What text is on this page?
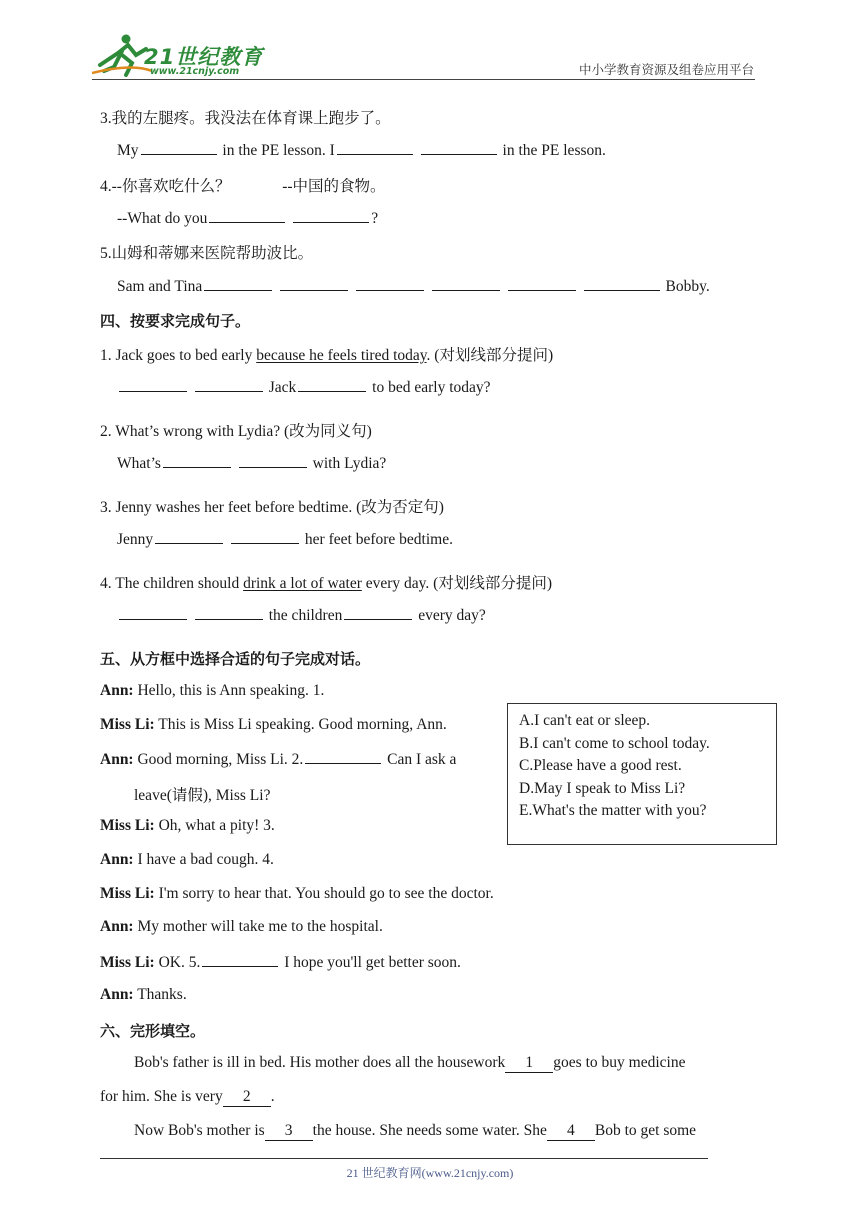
21世纪教育
www.21cnjy.com	中小学教育资源及组卷应用平台
3.我的左腿疼。我没法在体育课上跑步了。
My	in the PE lesson. I	in the PE lesson.
4.--你喜欢吃什么？	--中国的食物。
--What do you	?
5.山姆和蒂娜来医院帮助波比。
Sam and Tina	Bobby.
四、按要求完成句子。
1. Jack goes to bed early because he feels tired today. (对划线部分提问)
Jack	to bed early today?
2. What’s wrong with Lydia? (改为同义句)
What’s	with Lydia?
3. Jenny washes her feet before bedtime. (改为否定句)
Jenny	her feet before bedtime.
4. The children should drink a lot of water every day. (对划线部分提问)
the children	every day?
五、从方框中选择合适的句子完成对话。
Ann: Hello, this is Ann speaking. 1.
Miss Li: This is Miss Li speaking. Good morning, Ann.
Ann: Good morning, Miss Li. 2.	Can I ask a
leave(请假), Miss Li?
Miss Li: Oh, what a pity! 3.
Ann: I have a bad cough. 4.
Miss Li: I'm sorry to hear that. You should go to see the doctor.
Ann: My mother will take me to the hospital.
Miss Li: OK. 5.	I hope you'll get better soon.
Ann: Thanks.
A.I can't eat or sleep.
B.I can't come to school today.
C.Please have a good rest.
D.May I speak to Miss Li?
E.What's the matter with you?
六、完形填空。
Bob's father is ill in bed. His mother does all the housework 1 goes to buy medicine
for him. She is very 2 .
Now Bob's mother is 3 the house. She needs some water. She 4 Bob to get some
21 世纪教育网(www.21cnjy.com)
